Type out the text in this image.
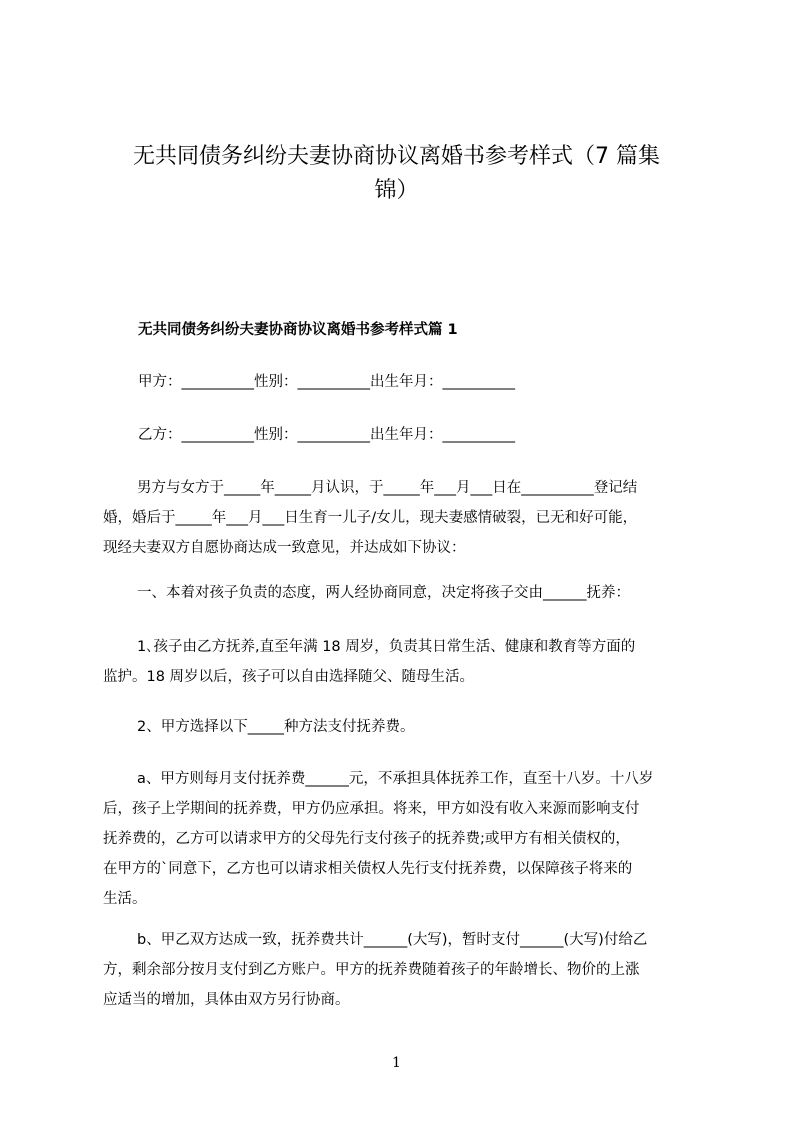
无共同债务纠纷夫妻协商协议离婚书参考样式（7 篇集
锦）
无共同债务纠纷夫妻协商协议离婚书参考样式篇 1
甲方：__________性别：__________出生年月：__________
乙方：__________性别：__________出生年月：__________
男方与女方于_____年_____月认识，于_____年___月___日在__________登记结
婚，婚后于_____年___月___日生育一儿子/女儿，现夫妻感情破裂，已无和好可能，
现经夫妻双方自愿协商达成一致意见，并达成如下协议：
一、本着对孩子负责的态度，两人经协商同意，决定将孩子交由______抚养：
1､孩子由乙方抚养,直至年满 18 周岁，负责其日常生活、健康和教育等方面的
监护。18 周岁以后，孩子可以自由选择随父、随母生活。
2、甲方选择以下_____种方法支付抚养费。
a、甲方则每月支付抚养费______元，不承担具体抚养工作，直至十八岁。十八岁
后，孩子上学期间的抚养费，甲方仍应承担。将来，甲方如没有收入来源而影响支付
抚养费的，乙方可以请求甲方的父母先行支付孩子的抚养费;或甲方有相关债权的，
在甲方的`同意下，乙方也可以请求相关债权人先行支付抚养费，以保障孩子将来的
生活。
b、甲乙双方达成一致，抚养费共计______(大写)，暂时支付______(大写)付给乙
方，剩余部分按月支付到乙方账户。甲方的抚养费随着孩子的年龄增长、物价的上涨
应适当的增加，具体由双方另行协商。
1
